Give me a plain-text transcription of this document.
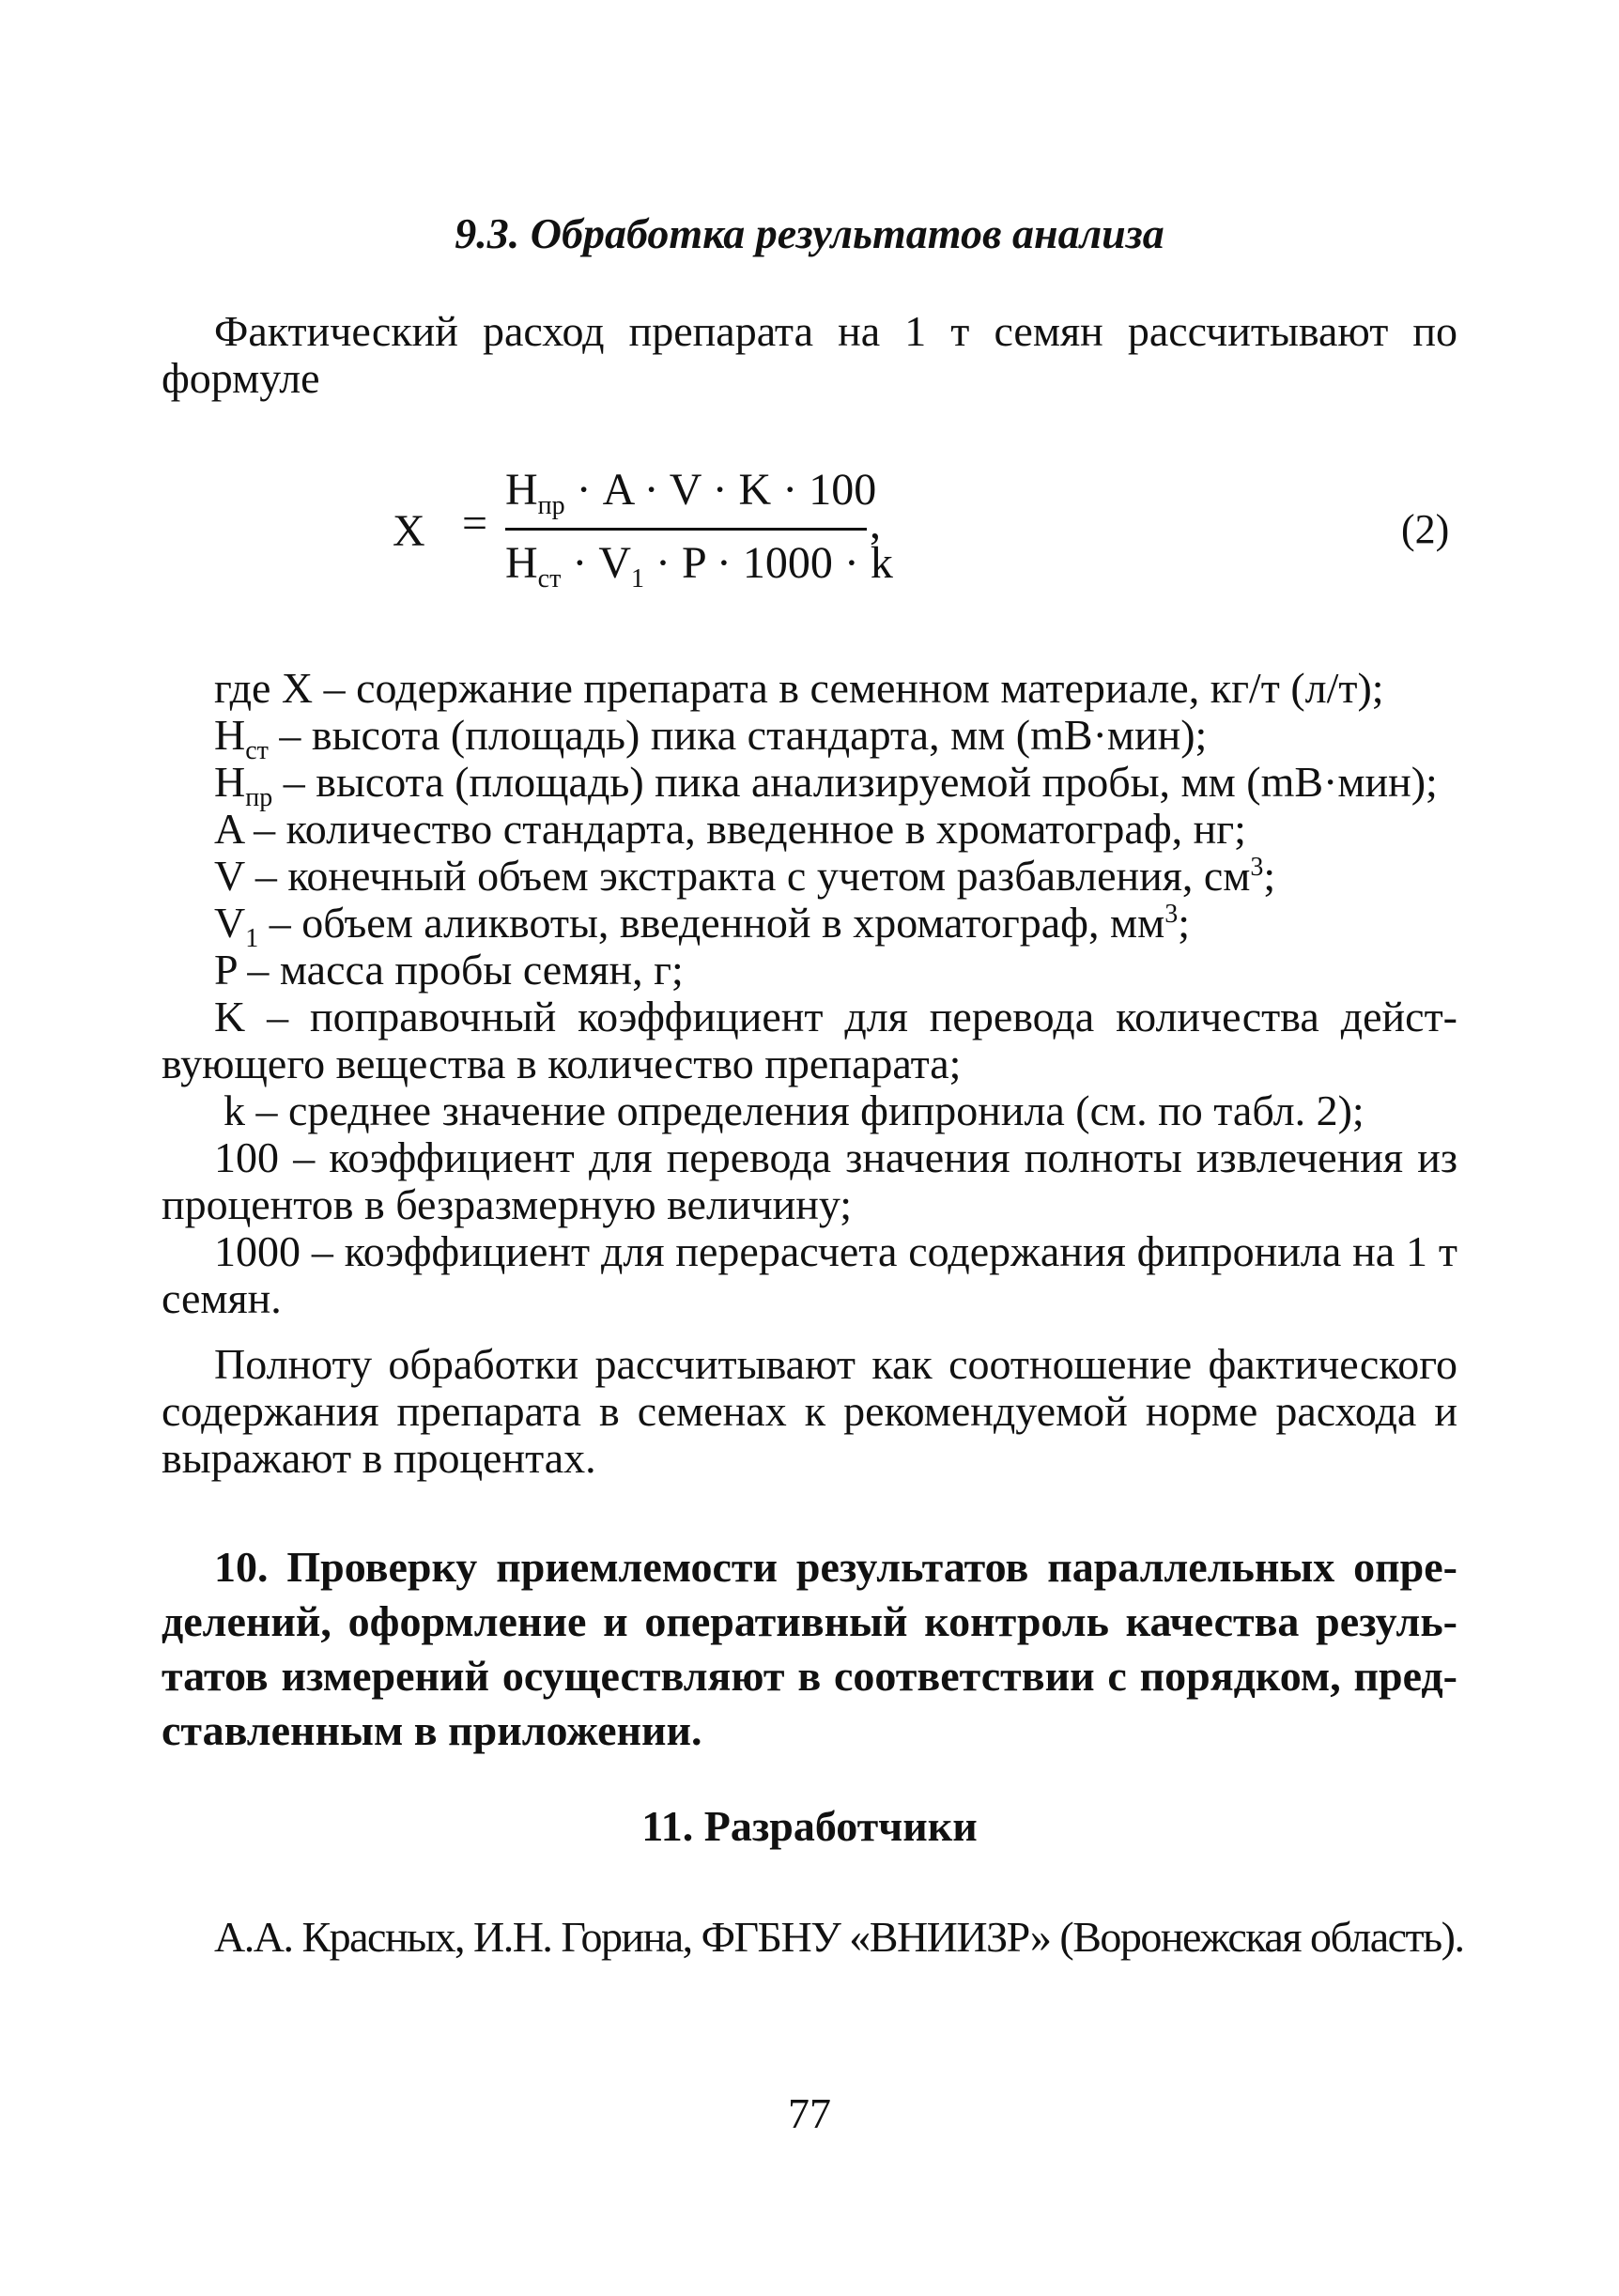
9.3. Обработка результатов анализа
Фактический расход препарата на 1 т семян рассчитывают по
формуле
X =
$H_{пр} \cdot A \cdot V \cdot K \cdot 100$
$H_{ст} \cdot V_1 \cdot P \cdot 1000 \cdot k$
,	(2)
где X – содержание препарата в семенном материале, кг/т (л/т);
$H_{ст}$ – высота (площадь) пика стандарта, мм (mB·мин);
$H_{пр}$ – высота (площадь) пика анализируемой пробы, мм (mB·мин);
A – количество стандарта, введенное в хроматограф, нг;
V – конечный объем экстракта с учетом разбавления, $см^3$;
$V_1$ – объем аликвоты, введенной в хроматограф, $мм^3$;
P – масса пробы семян, г;
K – поправочный коэффициент для перевода количества дейст-
вующего вещества в количество препарата;
k – среднее значение определения фипронила (см. по табл. 2);
100 – коэффициент для перевода значения полноты извлечения из
процентов в безразмерную величину;
1000 – коэффициент для перерасчета содержания фипронила на 1 т
семян.
Полноту обработки рассчитывают как соотношение фактического
содержания препарата в семенах к рекомендуемой норме расхода и
выражают в процентах.
10. Проверку приемлемости результатов параллельных опре-
делений, оформление и оперативный контроль качества резуль-
татов измерений осуществляют в соответствии с порядком, пред-
ставленным в приложении.
11. Разработчики
А.А. Красных, И.Н. Горина, ФГБНУ «ВНИИЗР» (Воронежская область).
77
